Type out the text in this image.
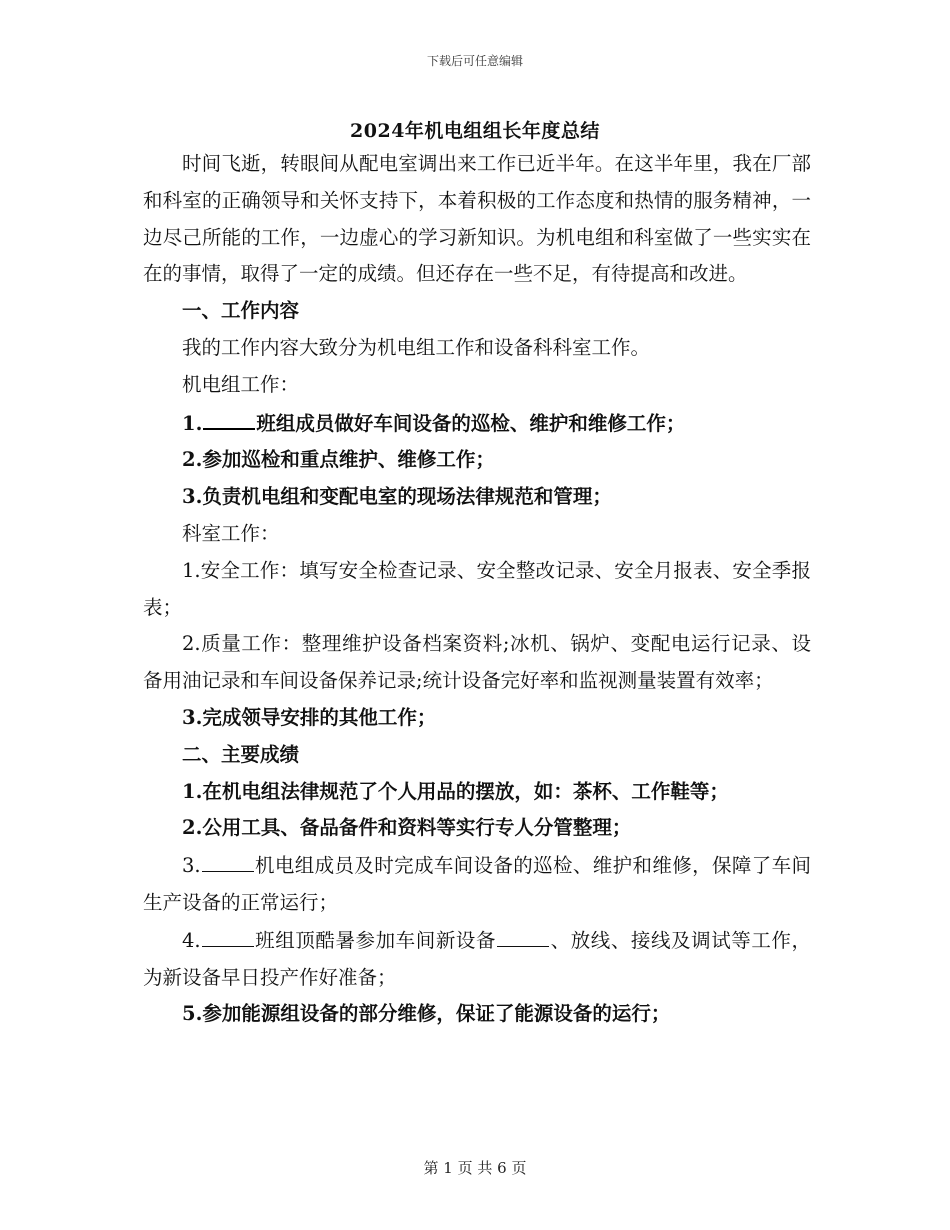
下载后可任意编辑
2024年机电组组长年度总结

时间飞逝，转眼间从配电室调出来工作已近半年。在这半年里，我在厂部和科室的正确领导和关怀支持下，本着积极的工作态度和热情的服务精神，一边尽己所能的工作，一边虚心的学习新知识。为机电组和科室做了一些实实在在的事情，取得了一定的成绩。但还存在一些不足，有待提高和改进。

一、工作内容

我的工作内容大致分为机电组工作和设备科科室工作。

机电组工作：

1.	班组成员做好车间设备的巡检、维护和维修工作；

2.参加巡检和重点维护、维修工作；

3.负责机电组和变配电室的现场法律规范和管理；

科室工作：

1.安全工作：填写安全检查记录、安全整改记录、安全月报表、安全季报表；

2.质量工作：整理维护设备档案资料;冰机、锅炉、变配电运行记录、设备用油记录和车间设备保养记录;统计设备完好率和监视测量装置有效率；

3.完成领导安排的其他工作；

二、主要成绩

1.在机电组法律规范了个人用品的摆放，如：茶杯、工作鞋等；

2.公用工具、备品备件和资料等实行专人分管整理；

3.	机电组成员及时完成车间设备的巡检、维护和维修，保障了车间生产设备的正常运行；

4.	班组顶酷暑参加车间新设备	、放线、接线及调试等工作，为新设备早日投产作好准备；

5.参加能源组设备的部分维修，保证了能源设备的运行；

第 1 页 共 6 页
